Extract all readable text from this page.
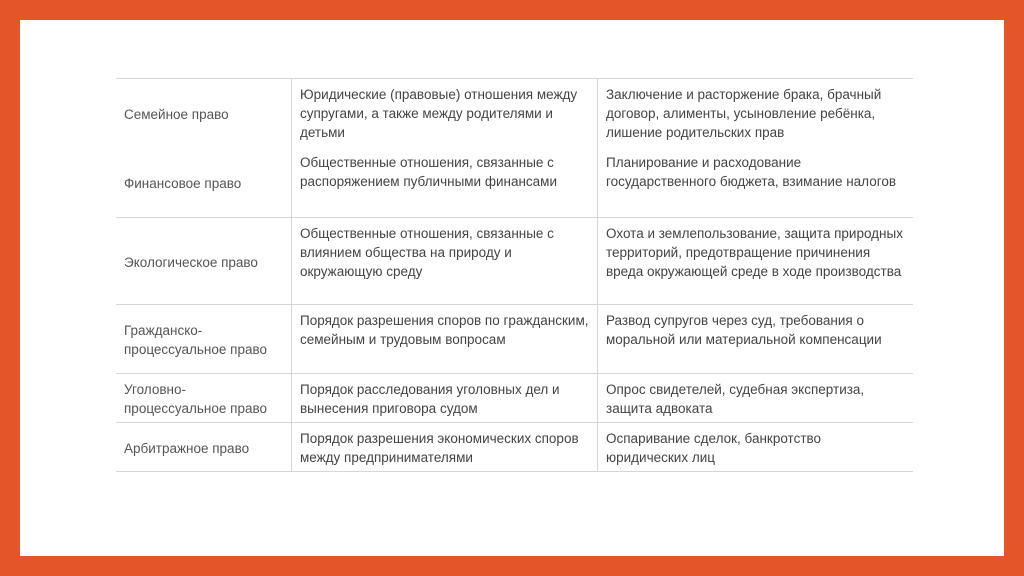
Семейное право
Юридические (правовые) отношения между супругами, а также между родителями и детьми
Заключение и расторжение брака, брачный договор, алименты, усыновление ребёнка, лишение родительских прав
Финансовое право
Общественные отношения, связанные с распоряжением публичными финансами
Планирование и расходование государственного бюджета, взимание налогов
Экологическое право
Общественные отношения, связанные с влиянием общества на природу и окружающую среду
Охота и землепользование, защита природных территорий, предотвращение причинения вреда окружающей среде в ходе производства
Гражданско-процессуальное право
Порядок разрешения споров по гражданским, семейным и трудовым вопросам
Развод супругов через суд, требования о моральной или материальной компенсации
Уголовно-процессуальное право
Порядок расследования уголовных дел и вынесения приговора судом
Опрос свидетелей, судебная экспертиза, защита адвоката
Арбитражное право
Порядок разрешения экономических споров между предпринимателями
Оспаривание сделок, банкротство юридических лиц
